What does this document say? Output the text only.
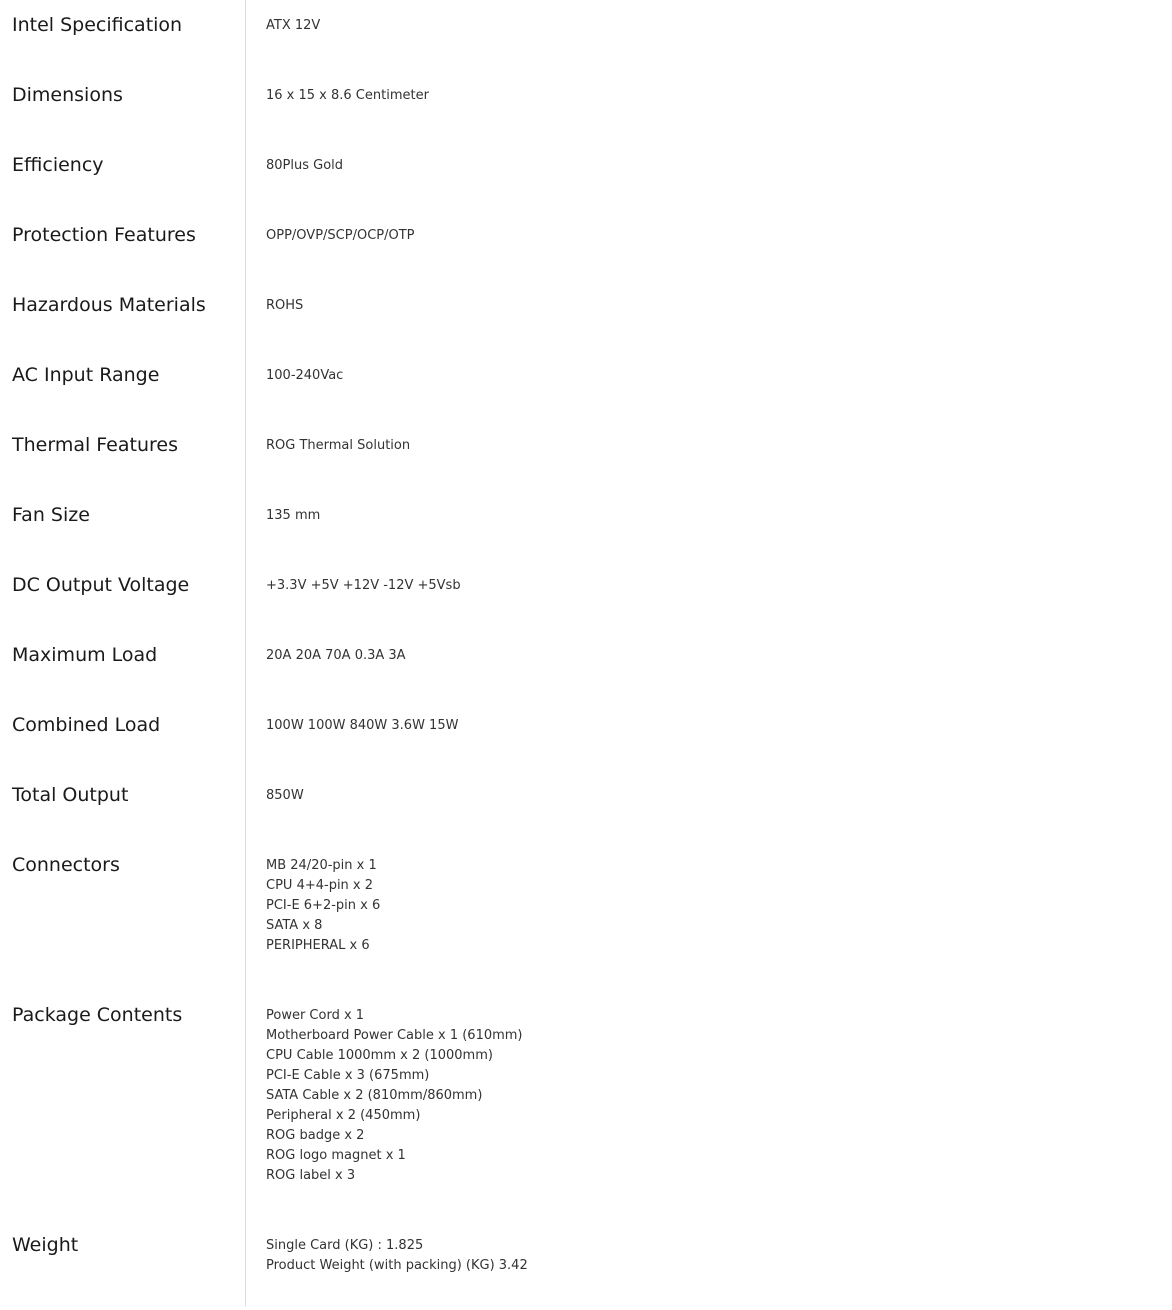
Intel Specification	ATX 12V
Dimensions	16 x 15 x 8.6 Centimeter
Efficiency	80Plus Gold
Protection Features	OPP/OVP/SCP/OCP/OTP
Hazardous Materials	ROHS
AC Input Range	100-240Vac
Thermal Features	ROG Thermal Solution
Fan Size	135 mm
DC Output Voltage	+3.3V +5V +12V -12V +5Vsb
Maximum Load	20A 20A 70A 0.3A 3A
Combined Load	100W 100W 840W 3.6W 15W
Total Output	850W
Connectors	MB 24/20-pin x 1
CPU 4+4-pin x 2
PCI-E 6+2-pin x 6
SATA x 8
PERIPHERAL x 6
Package Contents	Power Cord x 1
Motherboard Power Cable x 1 (610mm)
CPU Cable 1000mm x 2 (1000mm)
PCI-E Cable x 3 (675mm)
SATA Cable x 2 (810mm/860mm)
Peripheral x 2 (450mm)
ROG badge x 2
ROG logo magnet x 1
ROG label x 3
Weight	Single Card (KG) : 1.825
Product Weight (with packing) (KG) 3.42
